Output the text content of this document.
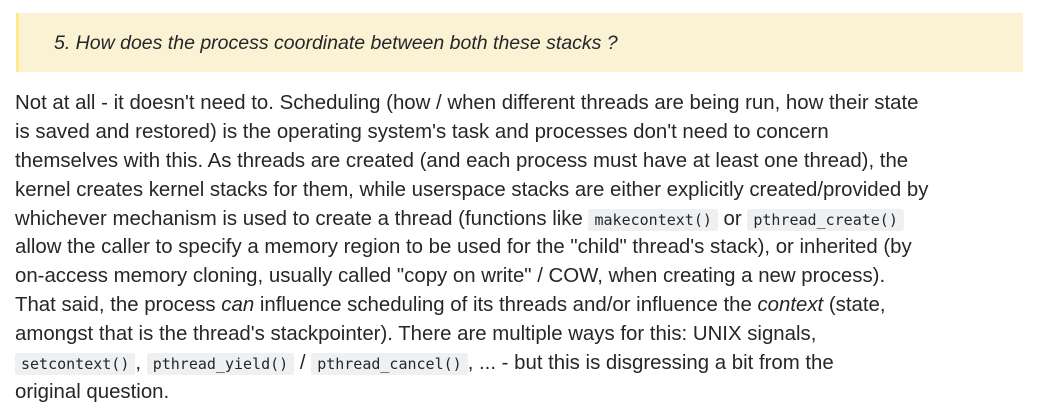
5. How does the process coordinate between both these stacks ?
Not at all - it doesn't need to. Scheduling (how / when different threads are being run, how their state
is saved and restored) is the operating system's task and processes don't need to concern
themselves with this. As threads are created (and each process must have at least one thread), the
kernel creates kernel stacks for them, while userspace stacks are either explicitly created/provided by
whichever mechanism is used to create a thread (functions like makecontext() or pthread_create()
allow the caller to specify a memory region to be used for the "child" thread's stack), or inherited (by
on-access memory cloning, usually called "copy on write" / COW, when creating a new process).
That said, the process can influence scheduling of its threads and/or influence the context (state,
amongst that is the thread's stackpointer). There are multiple ways for this: UNIX signals,
setcontext() , pthread_yield() / pthread_cancel() , ... - but this is disgressing a bit from the
original question.
